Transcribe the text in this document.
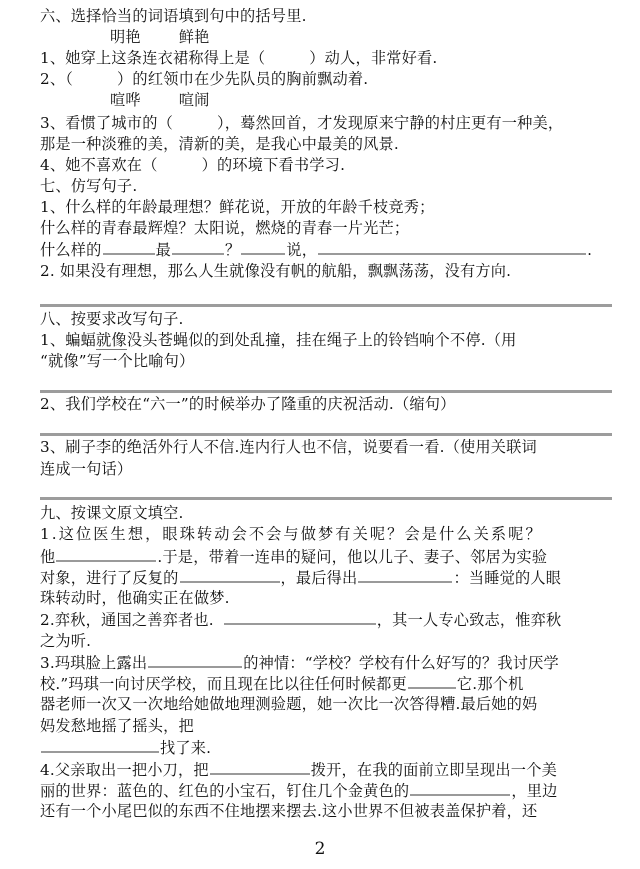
六、选择恰当的词语填到句中的括号里.
明艳	鲜艳
1、她穿上这条连衣裙称得上是（	）动人，非常好看.
2、（	）的红领巾在少先队员的胸前飘动着.
喧哗	喧闹
3、看惯了城市的（	），蓦然回首，才发现原来宁静的村庄更有一种美，
那是一种淡雅的美，清新的美，是我心中最美的风景.
4、她不喜欢在（	）的环境下看书学习.
七、仿写句子.
1、什么样的年龄最理想？鲜花说，开放的年龄千枝竞秀；
什么样的青春最辉煌？太阳说，燃烧的青春一片光芒；
什么样的	最	？	说，	.
2. 如果没有理想，那么人生就像没有帆的航船，飘飘荡荡，没有方向.
八、按要求改写句子.
1、蝙蝠就像没头苍蝇似的到处乱撞，挂在绳子上的铃铛响个不停.（用
“就像”写一个比喻句）
2、我们学校在“六一”的时候举办了隆重的庆祝活动.（缩句）
3、刷子李的绝活外行人不信.连内行人也不信，说要看一看.（使用关联词
连成一句话）
九、按课文原文填空.
1.这位医生想，眼珠转动会不会与做梦有关呢？会是什么关系呢？
他	.于是，带着一连串的疑问，他以儿子、妻子、邻居为实验
对象，进行了反复的	，最后得出	：当睡觉的人眼
珠转动时，他确实正在做梦.
2.弈秋，通国之善弈者也.	，其一人专心致志，惟弈秋
之为听.
3.玛琪脸上露出	的神情：“学校？学校有什么好写的？我讨厌学
校.”玛琪一向讨厌学校，而且现在比以往任何时候都更	它.那个机
器老师一次又一次地给她做地理测验题，她一次比一次答得糟.最后她的妈
妈发愁地摇了摇头，把
找了来.
4.父亲取出一把小刀，把	拨开，在我的面前立即呈现出一个美
丽的世界：蓝色的、红色的小宝石，钉住几个金黄色的	，里边
还有一个小尾巴似的东西不住地摆来摆去.这小世界不但被表盖保护着，还
2
